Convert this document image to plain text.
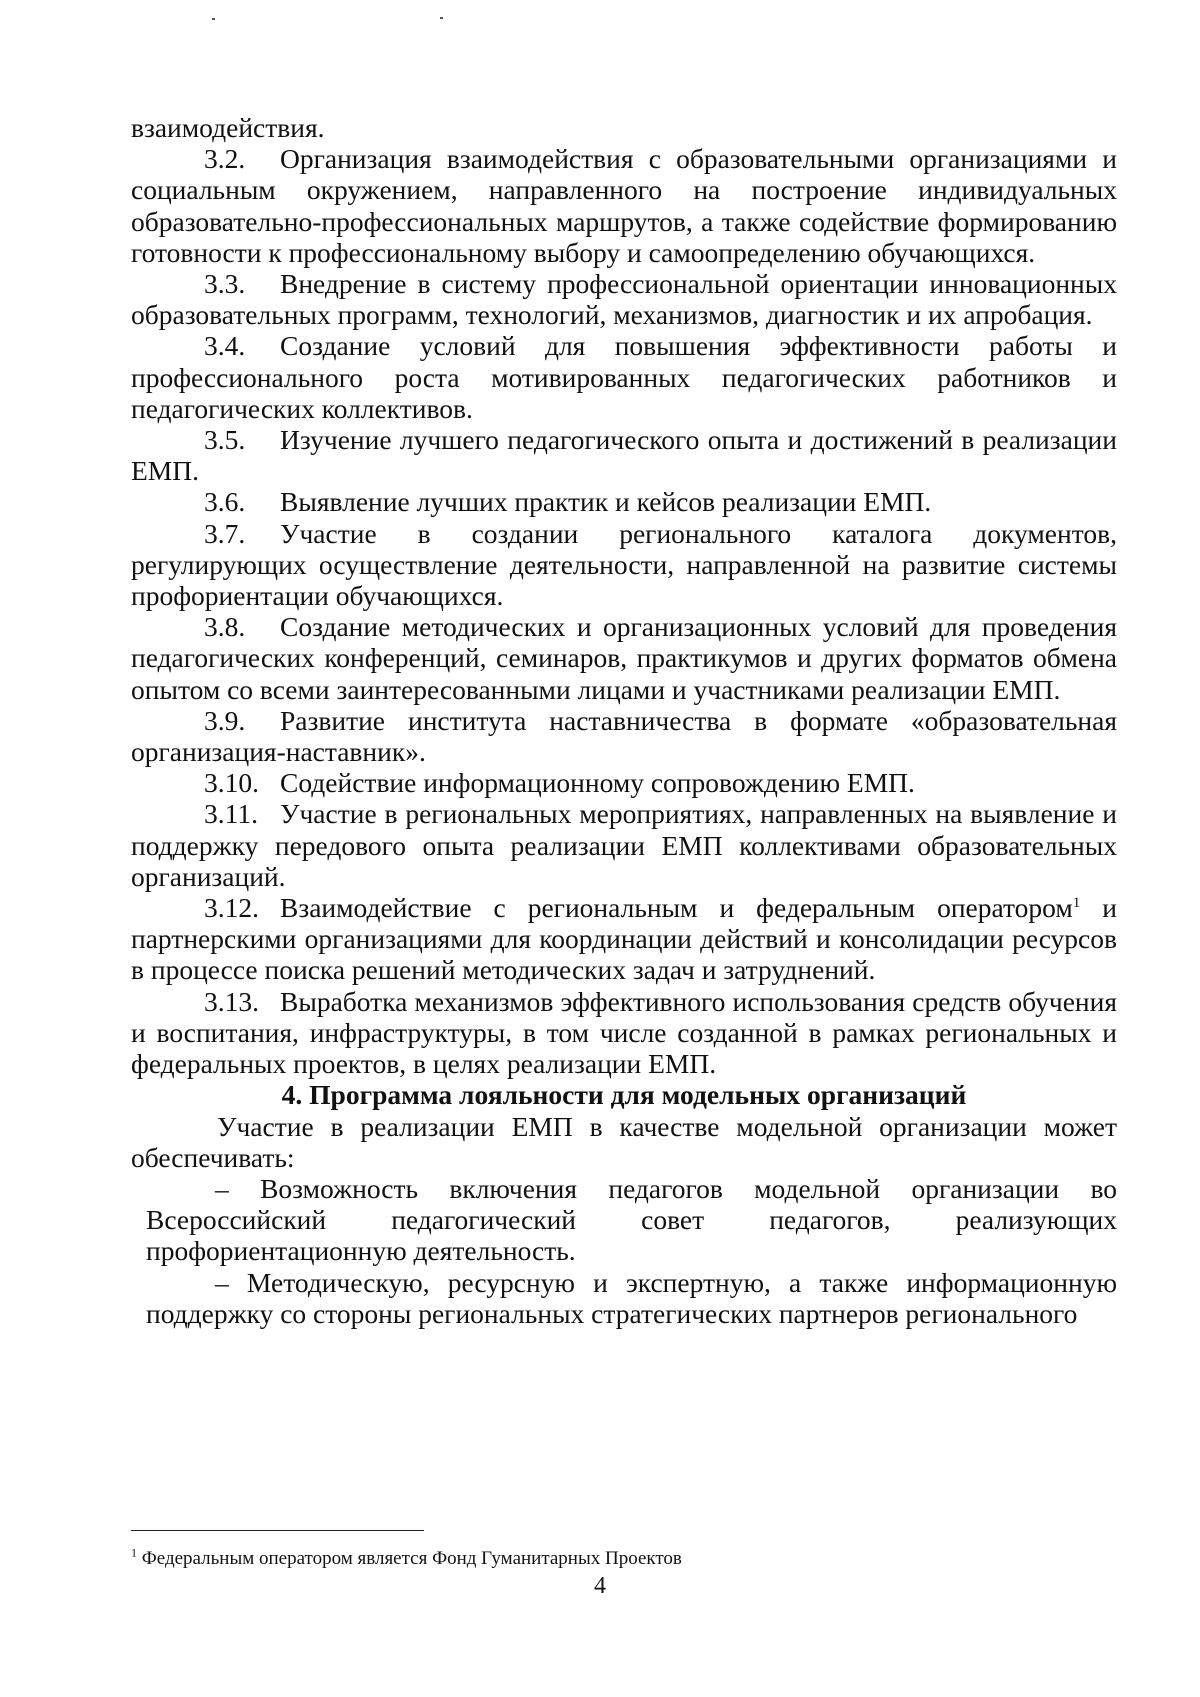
взаимодействия.

3.2. Организация взаимодействия с образовательными организациями и социальным окружением, направленного на построение индивидуальных образовательно-профессиональных маршрутов, а также содействие формированию готовности к профессиональному выбору и самоопределению обучающихся.

3.3. Внедрение в систему профессиональной ориентации инновационных образовательных программ, технологий, механизмов, диагностик и их апробация.

3.4. Создание условий для повышения эффективности работы и профессионального роста мотивированных педагогических работников и педагогических коллективов.

3.5. Изучение лучшего педагогического опыта и достижений в реализации ЕМП.

3.6. Выявление лучших практик и кейсов реализации ЕМП.

3.7. Участие в создании регионального каталога документов, регулирующих осуществление деятельности, направленной на развитие системы профориентации обучающихся.

3.8. Создание методических и организационных условий для проведения педагогических конференций, семинаров, практикумов и других форматов обмена опытом со всеми заинтересованными лицами и участниками реализации ЕМП.

3.9. Развитие института наставничества в формате «образовательная организация-наставник».

3.10. Содействие информационному сопровождению ЕМП.

3.11. Участие в региональных мероприятиях, направленных на выявление и поддержку передового опыта реализации ЕМП коллективами образовательных организаций.

3.12. Взаимодействие с региональным и федеральным оператором$^1$ и партнерскими организациями для координации действий и консолидации ресурсов в процессе поиска решений методических задач и затруднений.

3.13. Выработка механизмов эффективного использования средств обучения и воспитания, инфраструктуры, в том числе созданной в рамках региональных и федеральных проектов, в целях реализации ЕМП.

4. Программа лояльности для модельных организаций

Участие в реализации ЕМП в качестве модельной организации может обеспечивать:

– Возможность включения педагогов модельной организации во Всероссийский педагогический совет педагогов, реализующих профориентационную деятельность.

– Методическую, ресурсную и экспертную, а также информационную поддержку со стороны региональных стратегических партнеров регионального

$^1$ Федеральным оператором является Фонд Гуманитарных Проектов
4
